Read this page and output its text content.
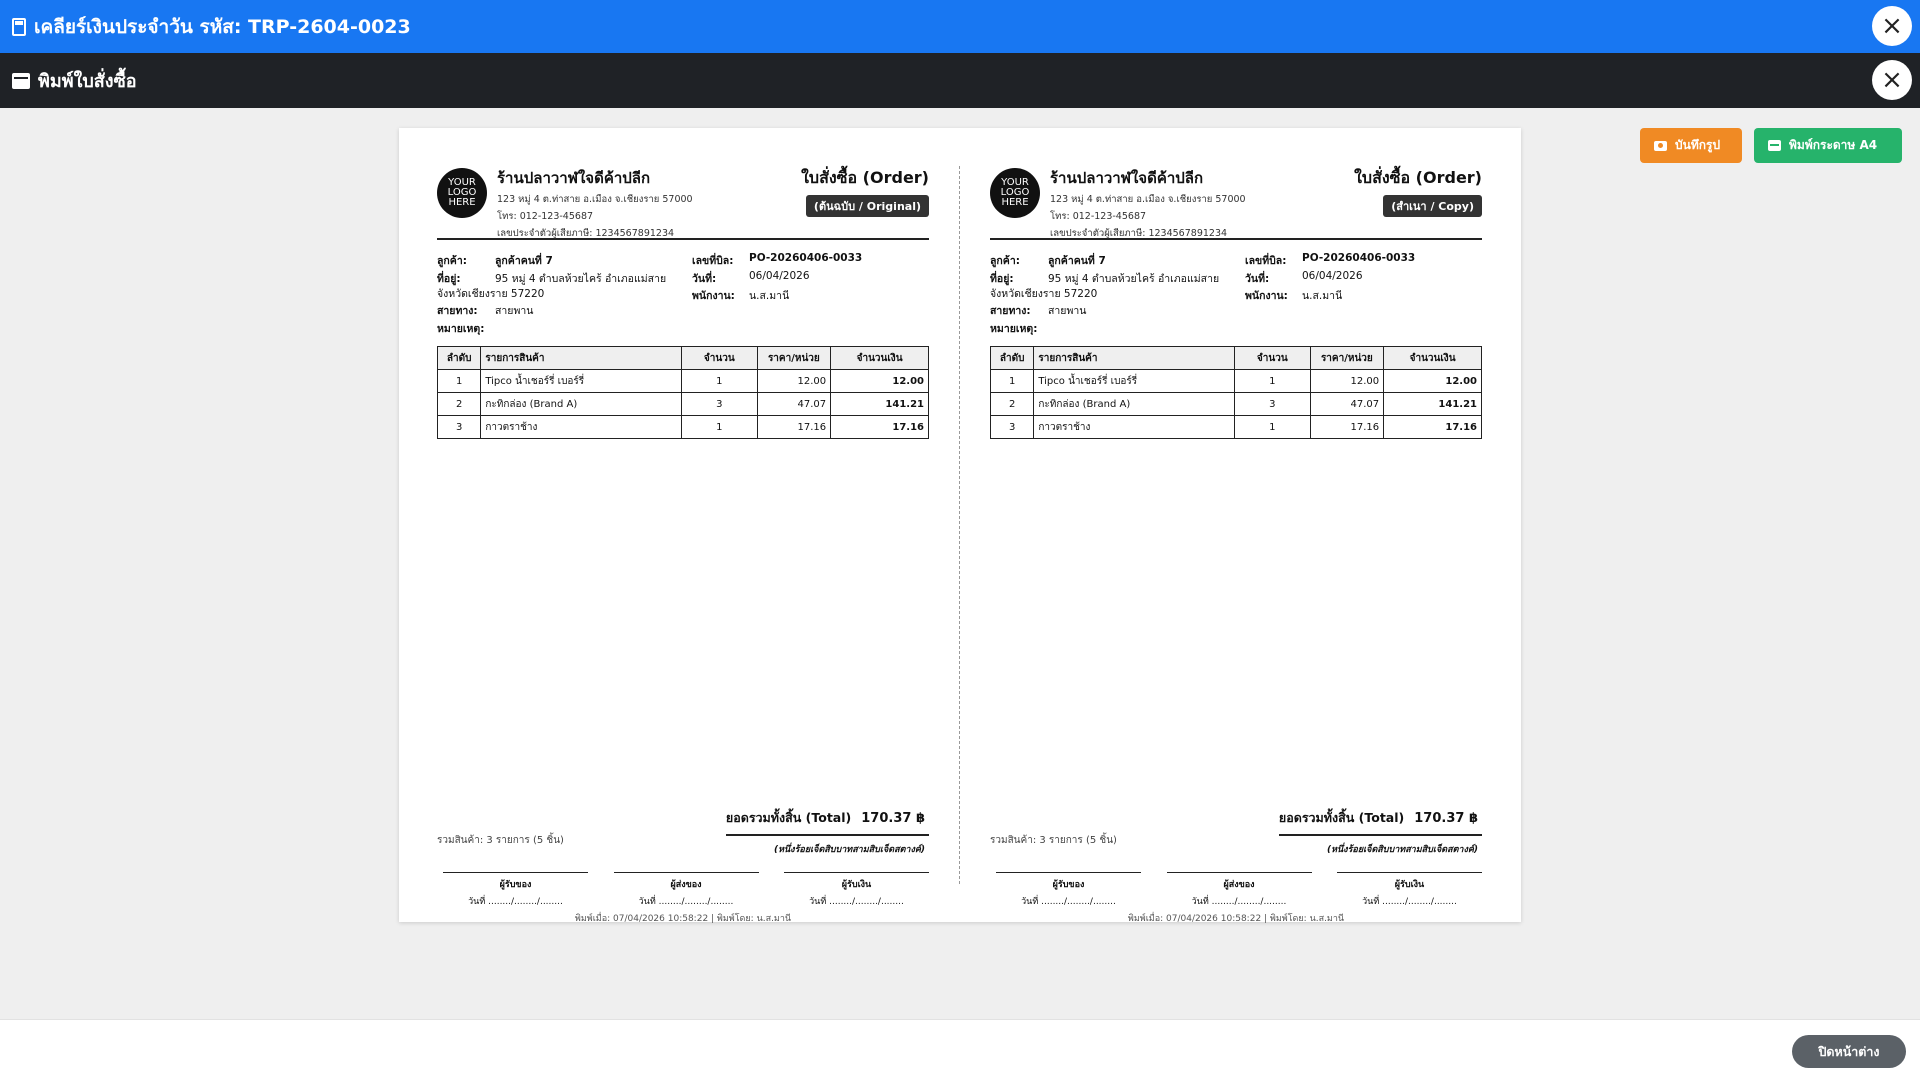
เคลียร์เงินประจำวัน รหัส: TRP-2604-0023	×
พิมพ์ใบสั่งซื้อ	×
บันทึกรูป	พิมพ์กระดาษ A4
YOUR
LOGO
HERE
ร้านปลาวาฬใจดีค้าปลีก
123 หมู่ 4 ต.ท่าสาย อ.เมือง จ.เชียงราย 57000
โทร: 012-123-45687
เลขประจำตัวผู้เสียภาษี: 1234567891234
ใบสั่งซื้อ (Order)
(ต้นฉบับ / Original)
ลูกค้า:	ลูกค้าคนที่ 7
ที่อยู่:	95 หมู่ 4 ตำบลห้วยไคร้ อำเภอแม่สาย
จังหวัดเชียงราย 57220
สายทาง: สายพาน
หมายเหตุ:
เลขที่บิล: PO-20260406-0033
วันที่:	06/04/2026
พนักงาน: น.ส.มานี
ลำดับ	รายการสินค้า	จำนวน	ราคา/หน่วย	จำนวนเงิน
1	Tipco น้ำเชอร์รี่ เบอร์รี่	1	12.00	12.00
2	กะทิกล่อง (Brand A)	3	47.07	141.21
3	กาวตราช้าง	1	17.16	17.16
ยอดรวมทั้งสิ้น (Total) 170.37 ฿
(หนึ่งร้อยเจ็ดสิบบาทสามสิบเจ็ดสตางค์)
รวมสินค้า: 3 รายการ (5 ชิ้น)
ผู้รับของ
วันที่ ......../......../........
ผู้ส่งของ
วันที่ ......../......../........
ผู้รับเงิน
วันที่ ......../......../........
พิมพ์เมื่อ: 07/04/2026 10:58:22 | พิมพ์โดย: น.ส.มานี
YOUR
LOGO
HERE
ร้านปลาวาฬใจดีค้าปลีก
123 หมู่ 4 ต.ท่าสาย อ.เมือง จ.เชียงราย 57000
โทร: 012-123-45687
เลขประจำตัวผู้เสียภาษี: 1234567891234
ใบสั่งซื้อ (Order)
(สำเนา / Copy)
ลูกค้า:	ลูกค้าคนที่ 7
ที่อยู่:	95 หมู่ 4 ตำบลห้วยไคร้ อำเภอแม่สาย
จังหวัดเชียงราย 57220
สายทาง: สายพาน
หมายเหตุ:
เลขที่บิล: PO-20260406-0033
วันที่:	06/04/2026
พนักงาน: น.ส.มานี
ลำดับ	รายการสินค้า	จำนวน	ราคา/หน่วย	จำนวนเงิน
1	Tipco น้ำเชอร์รี่ เบอร์รี่	1	12.00	12.00
2	กะทิกล่อง (Brand A)	3	47.07	141.21
3	กาวตราช้าง	1	17.16	17.16
ยอดรวมทั้งสิ้น (Total) 170.37 ฿
(หนึ่งร้อยเจ็ดสิบบาทสามสิบเจ็ดสตางค์)
รวมสินค้า: 3 รายการ (5 ชิ้น)
ผู้รับของ
วันที่ ......../......../........
ผู้ส่งของ
วันที่ ......../......../........
ผู้รับเงิน
วันที่ ......../......../........
พิมพ์เมื่อ: 07/04/2026 10:58:22 | พิมพ์โดย: น.ส.มานี
ปิดหน้าต่าง
